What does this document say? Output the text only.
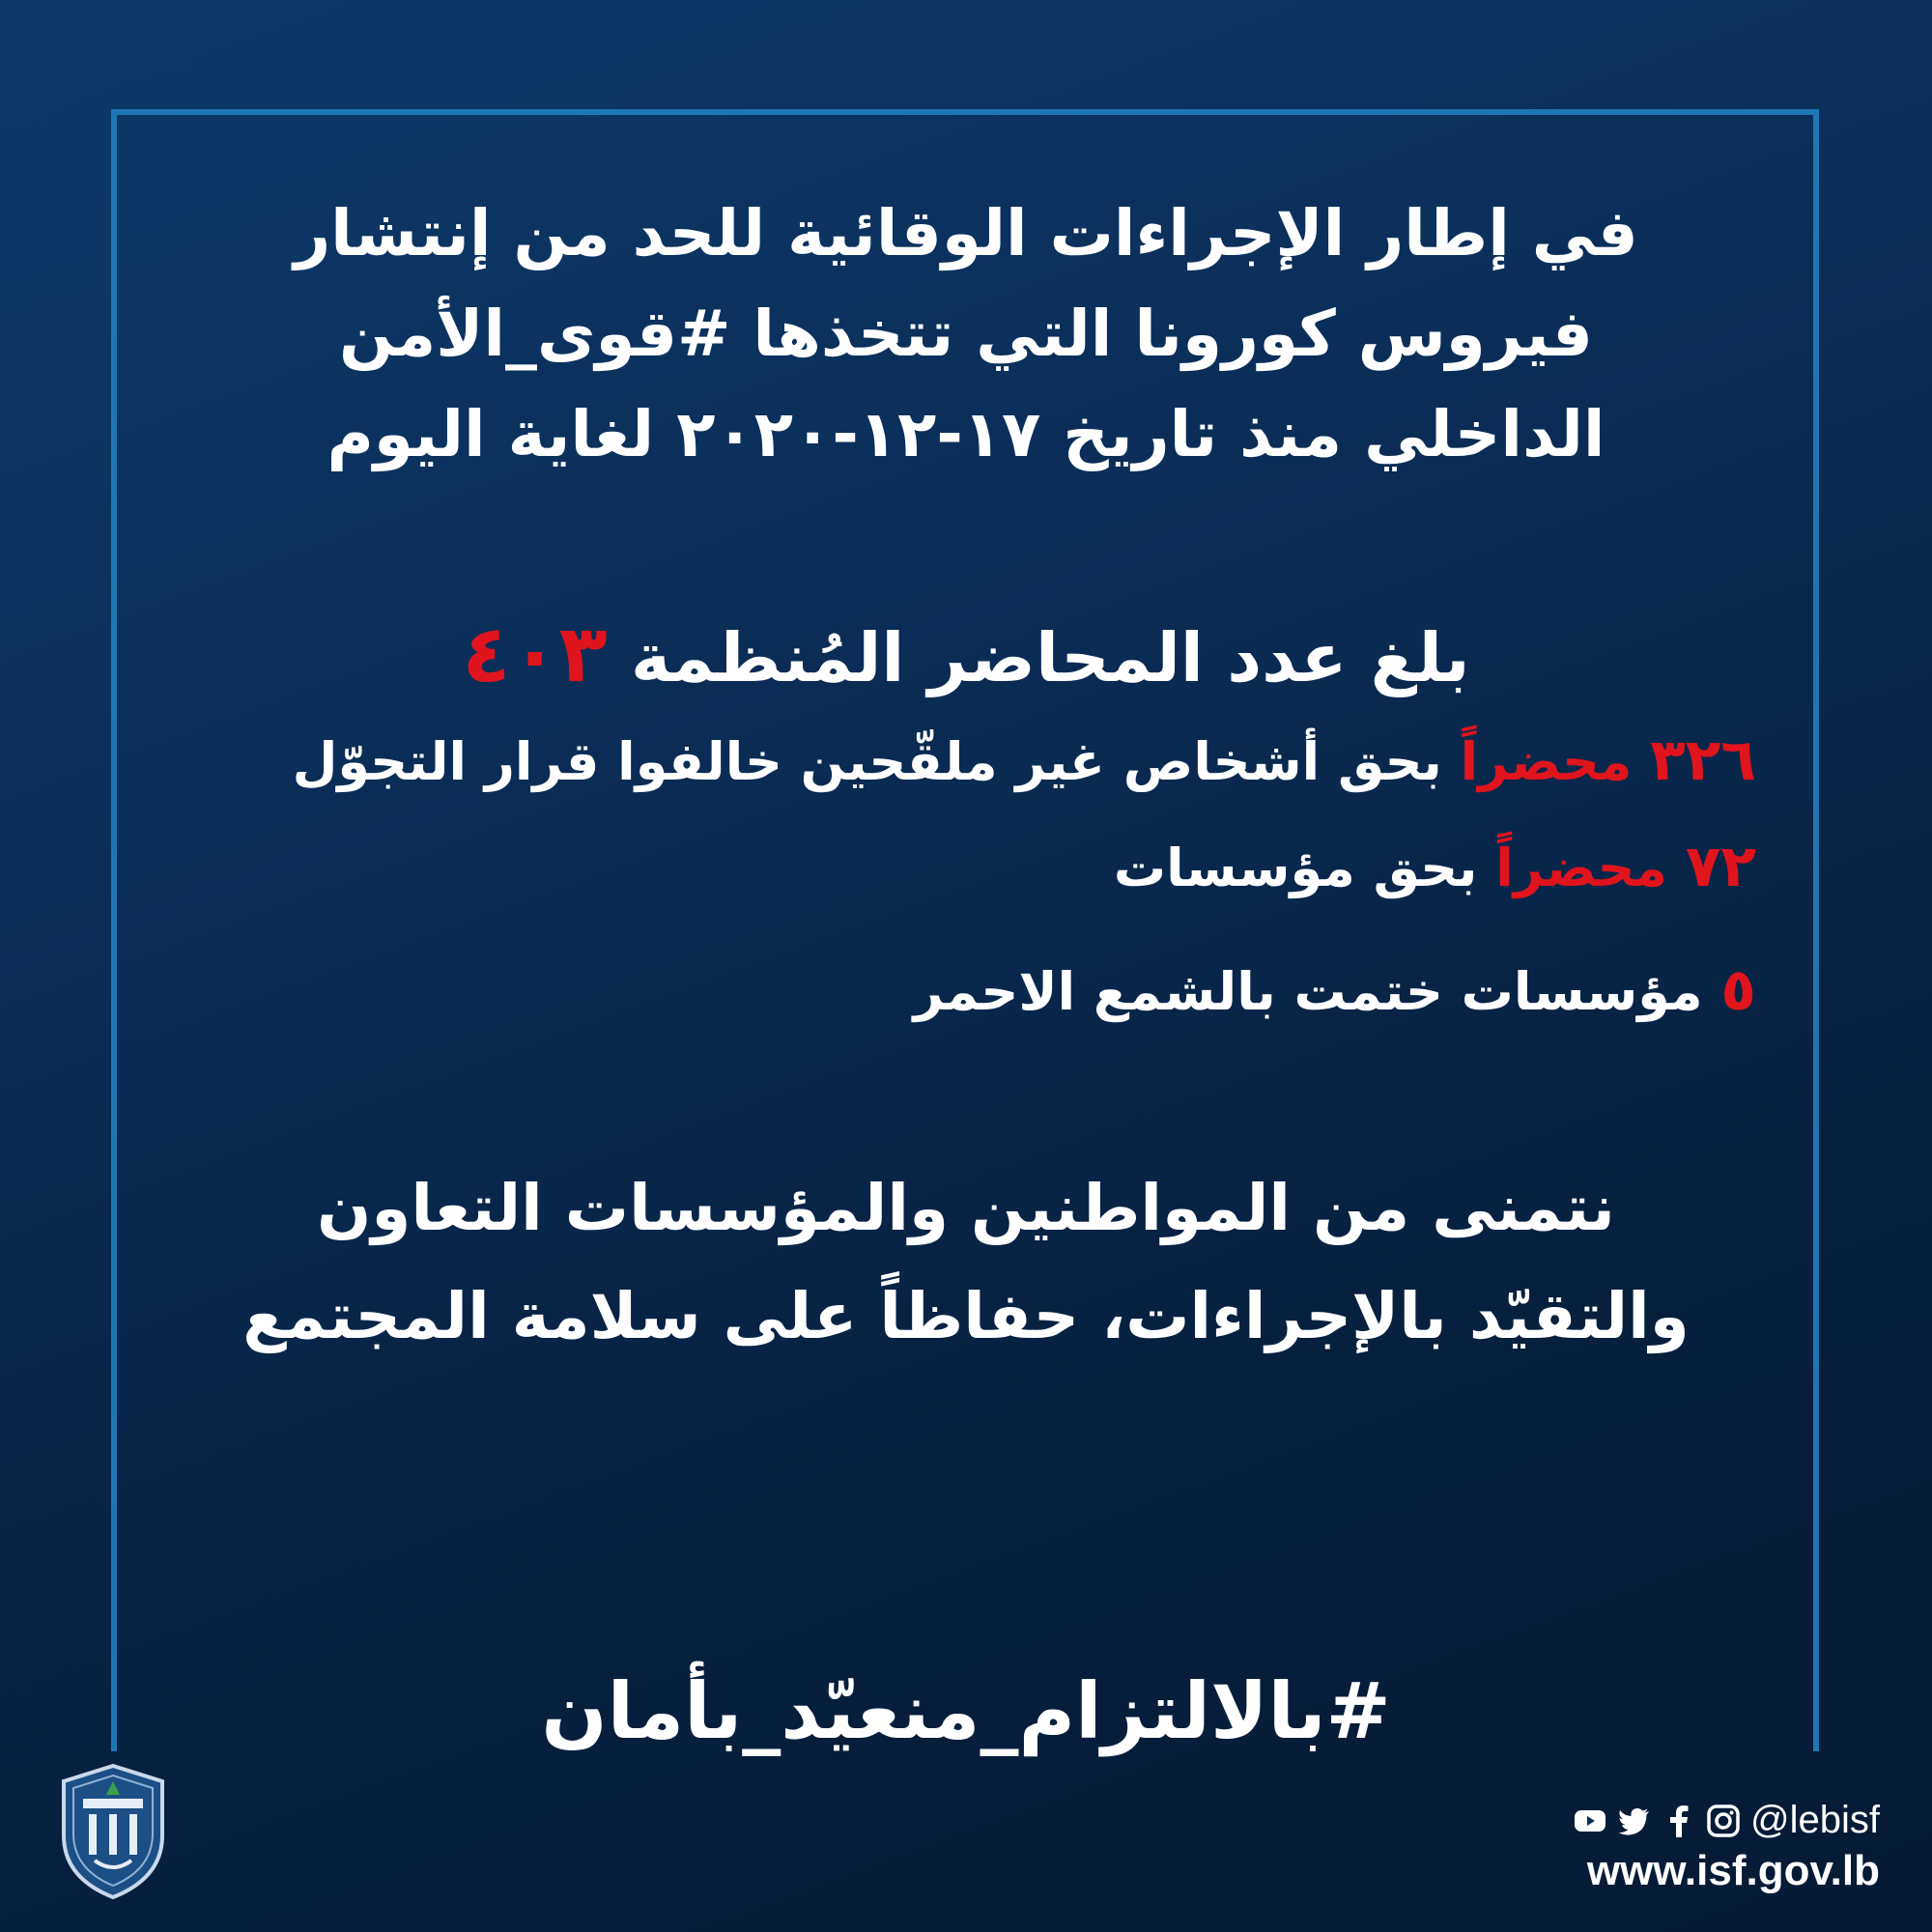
في إطار الإجراءات الوقائية للحد من إنتشار
فيروس كورونا التي تتخذها #قوى_الأمن
الداخلي منذ تاريخ ١٧-١٢-٢٠٢٠ لغاية اليوم
بلغ عدد المحاضر المُنظمة ٤٠٣
٣٢٦ محضراً بحق أشخاص غير ملقّحين خالفوا قرار التجوّل
٧٢ محضراً بحق مؤسسات
٥ مؤسسات ختمت بالشمع الاحمر
نتمنى من المواطنين والمؤسسات التعاون
والتقيّد بالإجراءات، حفاظاً على سلامة المجتمع
#بالالتزام_منعيّد_بأمان
@lebisf
www.isf.gov.lb
